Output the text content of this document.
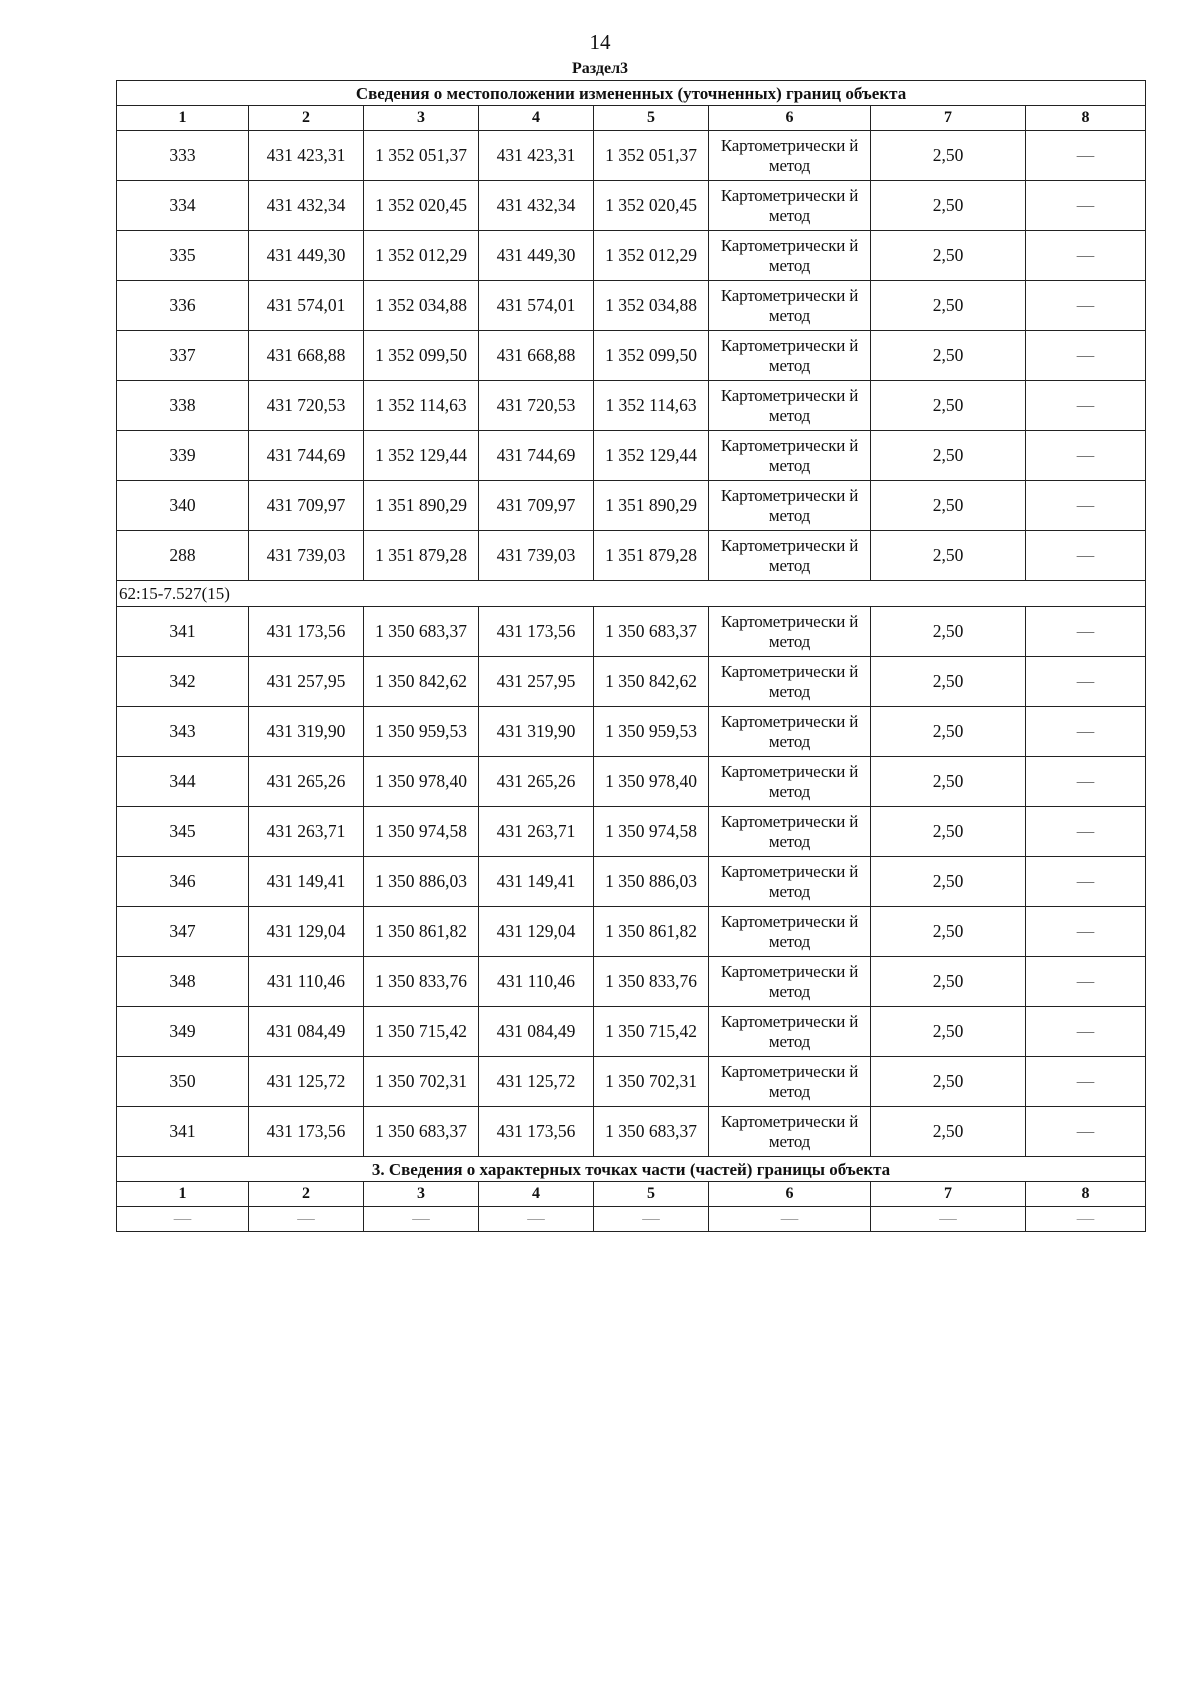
14
Раздел3
Сведения о местоположении измененных (уточненных) границ объекта							
1	2	3	4	5	6	7	8
333	431 423,31	1 352 051,37	431 423,31	1 352 051,37	Картометрически й метод	2,50	—
334	431 432,34	1 352 020,45	431 432,34	1 352 020,45	Картометрически й метод	2,50	—
335	431 449,30	1 352 012,29	431 449,30	1 352 012,29	Картометрически й метод	2,50	—
336	431 574,01	1 352 034,88	431 574,01	1 352 034,88	Картометрически й метод	2,50	—
337	431 668,88	1 352 099,50	431 668,88	1 352 099,50	Картометрически й метод	2,50	—
338	431 720,53	1 352 114,63	431 720,53	1 352 114,63	Картометрически й метод	2,50	—
339	431 744,69	1 352 129,44	431 744,69	1 352 129,44	Картометрически й метод	2,50	—
340	431 709,97	1 351 890,29	431 709,97	1 351 890,29	Картометрически й метод	2,50	—
288	431 739,03	1 351 879,28	431 739,03	1 351 879,28	Картометрически й метод	2,50	—
62:15-7.527(15)							
341	431 173,56	1 350 683,37	431 173,56	1 350 683,37	Картометрически й метод	2,50	—
342	431 257,95	1 350 842,62	431 257,95	1 350 842,62	Картометрически й метод	2,50	—
343	431 319,90	1 350 959,53	431 319,90	1 350 959,53	Картометрически й метод	2,50	—
344	431 265,26	1 350 978,40	431 265,26	1 350 978,40	Картометрически й метод	2,50	—
345	431 263,71	1 350 974,58	431 263,71	1 350 974,58	Картометрически й метод	2,50	—
346	431 149,41	1 350 886,03	431 149,41	1 350 886,03	Картометрически й метод	2,50	—
347	431 129,04	1 350 861,82	431 129,04	1 350 861,82	Картометрически й метод	2,50	—
348	431 110,46	1 350 833,76	431 110,46	1 350 833,76	Картометрически й метод	2,50	—
349	431 084,49	1 350 715,42	431 084,49	1 350 715,42	Картометрически й метод	2,50	—
350	431 125,72	1 350 702,31	431 125,72	1 350 702,31	Картометрически й метод	2,50	—
341	431 173,56	1 350 683,37	431 173,56	1 350 683,37	Картометрически й метод	2,50	—
3. Сведения о характерных точках части (частей) границы объекта							
1	2	3	4	5	6	7	8
—	—	—	—	—	—	—	—
